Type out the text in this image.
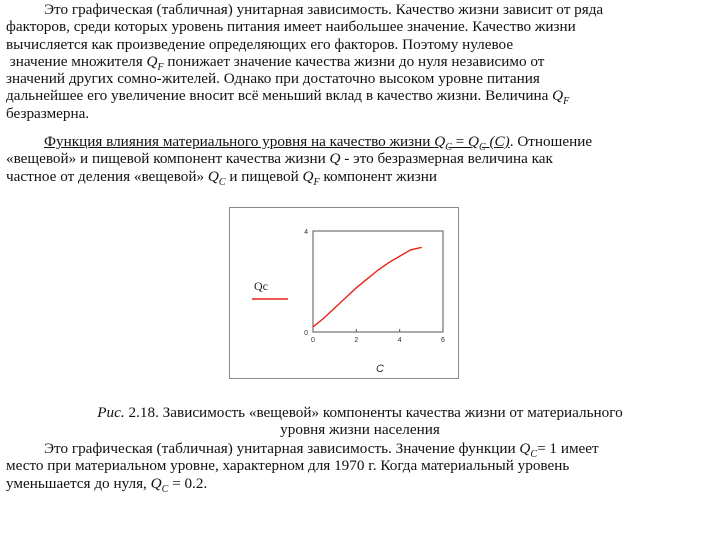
Это графическая (табличная) унитарная зависимость. Качество жизни зависит от ряда
факторов, среди которых уровень питания имеет наибольшее значение. Качество жизни
вычисляется как произведение определяющих его факторов. Поэтому нулевое
значение множителя $Q_F$ понижает значение качества жизни до нуля независимо от
значений других сомно-жителей. Однако при достаточно высоком уровне питания
дальнейшее его увеличение вносит всё меньший вклад в качество жизни. Величина $Q_F$
безразмерна.

Функция влияния материального уровня на качество жизни $Q_C = Q_C$ (C). Отношение
«вещевой» и пищевой компонент качества жизни Q - это безразмерная величина как
частное от деления «вещевой» $Q_C$ и пищевой $Q_F$ компонент жизни

0	2	4	6
0
4
C
Qc

Рис. 2.18. Зависимость «вещевой» компоненты качества жизни от материального
уровня жизни населения

Это графическая (табличная) унитарная зависимость. Значение функции $Q_C= 1$ имеет
место при материальном уровне, характерном для 1970 г. Когда материальный уровень
уменьшается до нуля, $Q_C = 0.2$.
